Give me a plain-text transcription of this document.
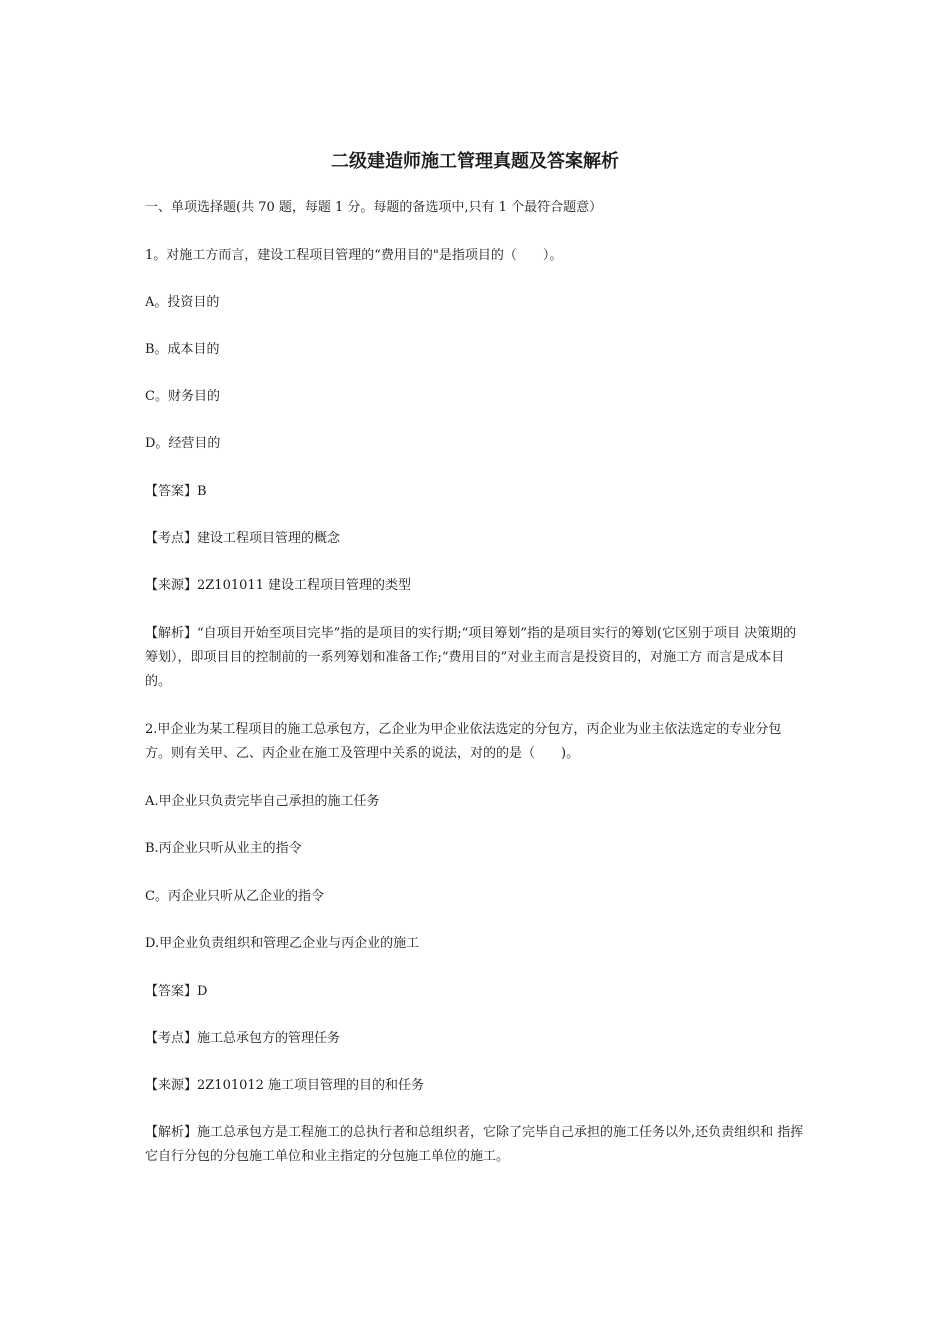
二级建造师施工管理真题及答案解析
一、单项选择题(共 70 题，每题 1 分。每题的备选项中,只有 1 个最符合题意）
1。对施工方而言，建设工程项目管理的“费用目的"是指项目的（　　）。
A。投资目的
B。成本目的
C。财务目的
D。经营目的
【答案】B
【考点】建设工程项目管理的概念
【来源】2Z101011 建设工程项目管理的类型
【解析】“自项目开始至项目完毕”指的是项目的实行期;“项目筹划”指的是项目实行的筹划(它区别于项目 决策期的筹划），即项目目的控制前的一系列筹划和准备工作;“费用目的”对业主而言是投资目的，对施工方 而言是成本目的。
2.甲企业为某工程项目的施工总承包方，乙企业为甲企业依法选定的分包方，丙企业为业主依法选定的专业分包 方。则有关甲、乙、丙企业在施工及管理中关系的说法，对的的是（　　)。
A.甲企业只负责完毕自己承担的施工任务
B.丙企业只听从业主的指令
C。丙企业只听从乙企业的指令
D.甲企业负责组织和管理乙企业与丙企业的施工
【答案】D
【考点】施工总承包方的管理任务
【来源】2Z101012 施工项目管理的目的和任务
【解析】施工总承包方是工程施工的总执行者和总组织者，它除了完毕自己承担的施工任务以外,还负责组织和 指挥它自行分包的分包施工单位和业主指定的分包施工单位的施工。
